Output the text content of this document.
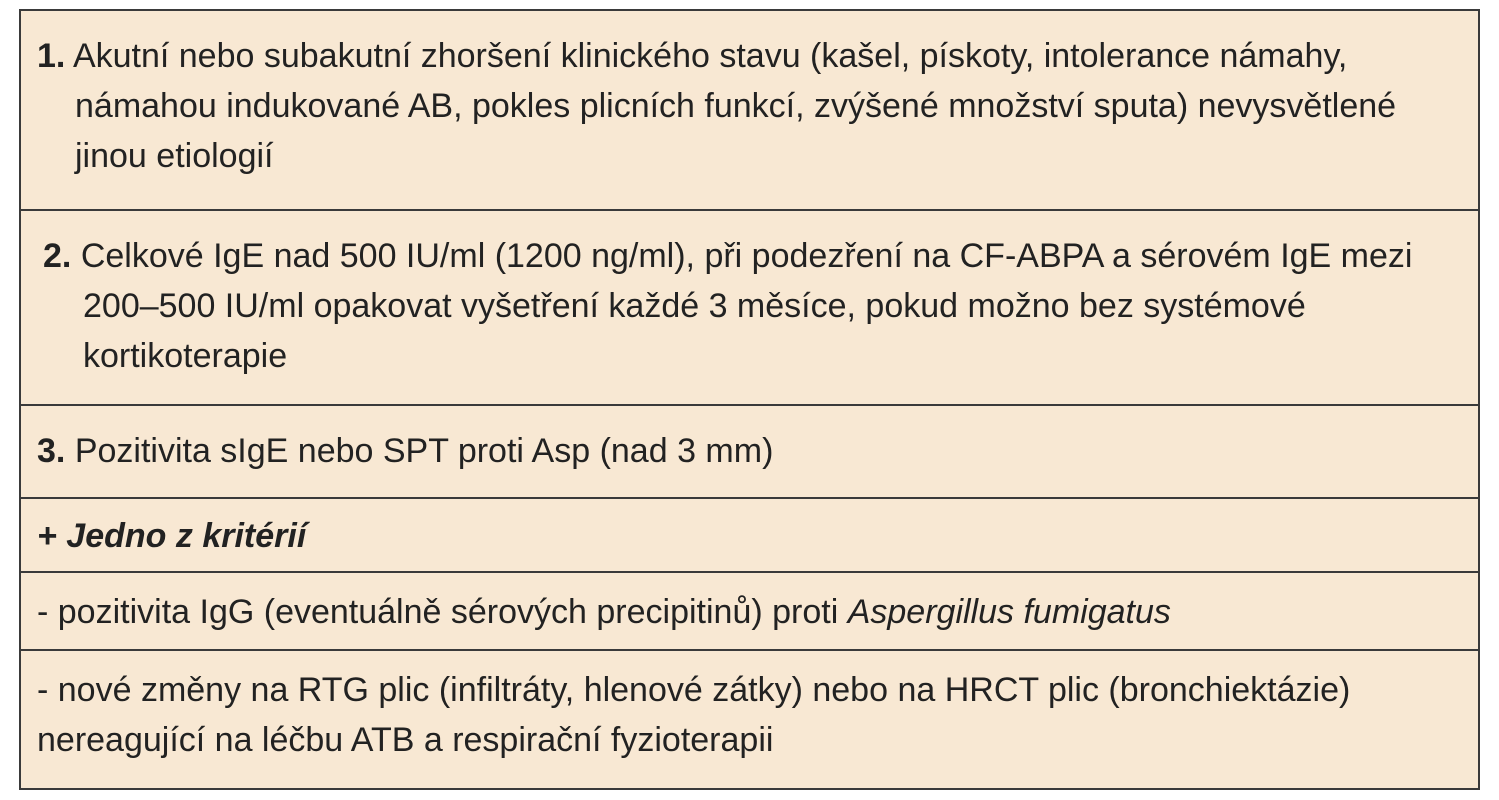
1. Akutní nebo subakutní zhoršení klinického stavu (kašel, pískoty, intolerance námahy, námahou indukované AB, pokles plicních funkcí, zvýšené množství sputa) nevysvětlené jinou etiologií
2. Celkové IgE nad 500 IU/ml (1200 ng/ml), při podezření na CF-ABPA a sérovém IgE mezi 200–500 IU/ml opakovat vyšetření každé 3 měsíce, pokud možno bez systémové kortikoterapie
3. Pozitivita sIgE nebo SPT proti Asp (nad 3 mm)
+ Jedno z kritérií
- pozitivita IgG (eventuálně sérových precipitinů) proti Aspergillus fumigatus
- nové změny na RTG plic (infiltráty, hlenové zátky) nebo na HRCT plic (bronchiektázie) nereagující na léčbu ATB a respirační fyzioterapii
